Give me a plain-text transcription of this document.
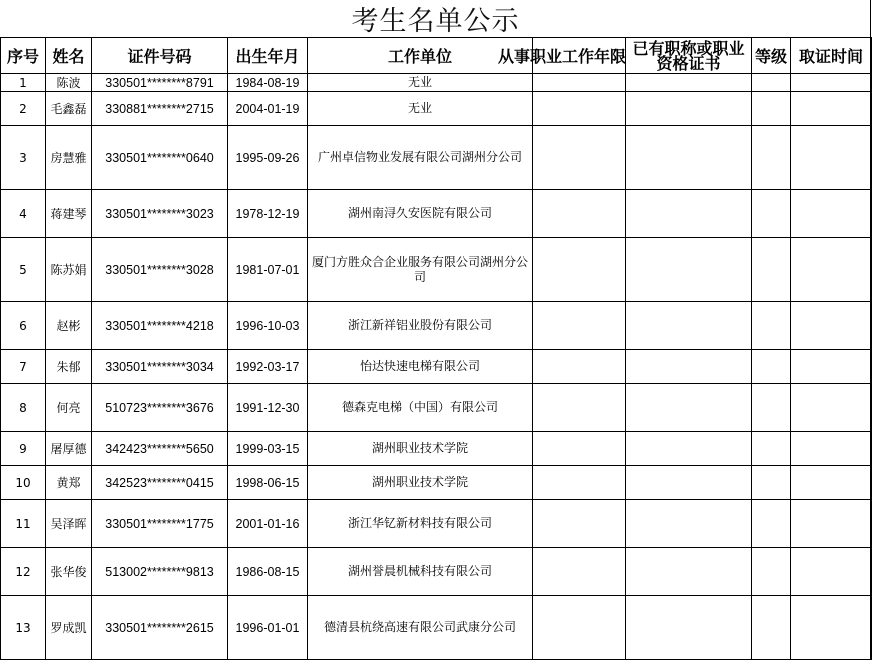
考生名单公示
序号	姓名	证件号码	出生年月	工作单位	从事职业工作年限	已有职称或职业资格证书	等级	取证时间
1	陈波	330501********8791	1984-08-19	无业				
2	毛鑫磊	330881********2715	2004-01-19	无业				
3	房慧雅	330501********0640	1995-09-26	广州卓信物业发展有限公司湖州分公司				
4	蒋建琴	330501********3023	1978-12-19	湖州南浔久安医院有限公司				
5	陈苏娟	330501********3028	1981-07-01	厦门方胜众合企业服务有限公司湖州分公司				
6	赵彬	330501********4218	1996-10-03	浙江新祥铝业股份有限公司				
7	朱郁	330501********3034	1992-03-17	怡达快速电梯有限公司				
8	何亮	510723********3676	1991-12-30	德森克电梯（中国）有限公司				
9	屠厚德	342423********5650	1999-03-15	湖州职业技术学院				
10	黄郑	342523********0415	1998-06-15	湖州职业技术学院				
11	吴泽晖	330501********1775	2001-01-16	浙江华钇新材料技有限公司				
12	张华俊	513002********9813	1986-08-15	湖州誉晨机械科技有限公司				
13	罗成凯	330501********2615	1996-01-01	德清县杭绕高速有限公司武康分公司				
